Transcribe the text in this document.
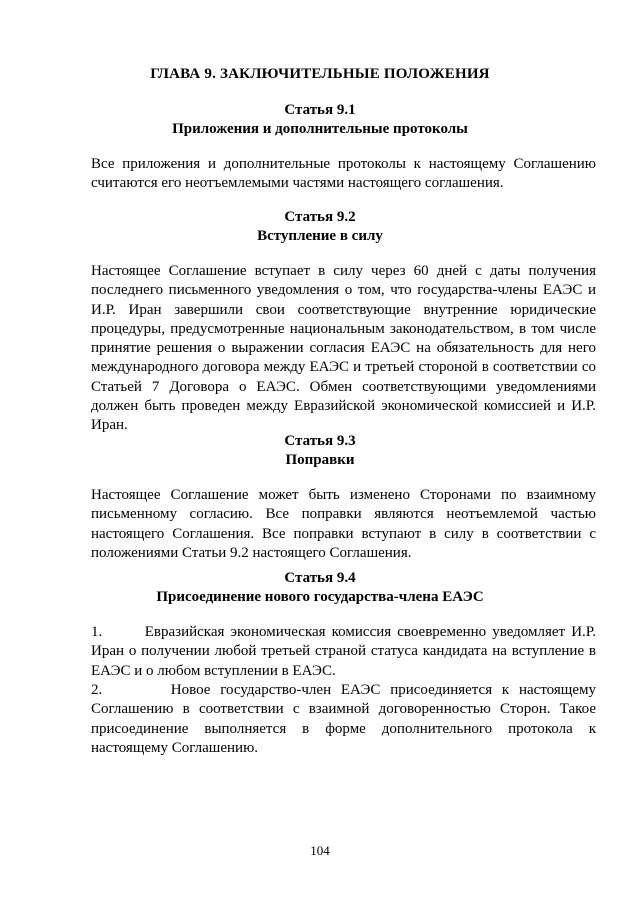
ГЛАВА 9. ЗАКЛЮЧИТЕЛЬНЫЕ ПОЛОЖЕНИЯ
Статья 9.1
Приложения и дополнительные протоколы
Все приложения и дополнительные протоколы к настоящему Соглашению считаются его неотъемлемыми частями настоящего соглашения.
Статья 9.2
Вступление в силу
Настоящее Соглашение вступает в силу через 60 дней с даты получения последнего письменного уведомления о том, что государства-члены ЕАЭС и И.Р. Иран завершили свои соответствующие внутренние юридические процедуры, предусмотренные национальным законодательством, в том числе принятие решения о выражении согласия ЕАЭС на обязательность для него международного договора между ЕАЭС и третьей стороной в соответствии со Статьей 7 Договора о ЕАЭС. Обмен соответствующими уведомлениями должен быть проведен между Евразийской экономической комиссией и И.Р. Иран.
Статья 9.3
Поправки
Настоящее Соглашение может быть изменено Сторонами по взаимному письменному согласию. Все поправки являются неотъемлемой частью настоящего Соглашения. Все поправки вступают в силу в соответствии с положениями Статьи 9.2 настоящего Соглашения.
Статья 9.4
Присоединение нового государства-члена ЕАЭС
1.       Евразийская экономическая комиссия своевременно уведомляет И.Р. Иран о получении любой третьей страной статуса кандидата на вступление в ЕАЭС и о любом вступлении в ЕАЭС.
2.       Новое государство-член ЕАЭС присоединяется к настоящему Соглашению в соответствии с взаимной договоренностью Сторон. Такое присоединение выполняется в форме дополнительного протокола к настоящему Соглашению.
104
